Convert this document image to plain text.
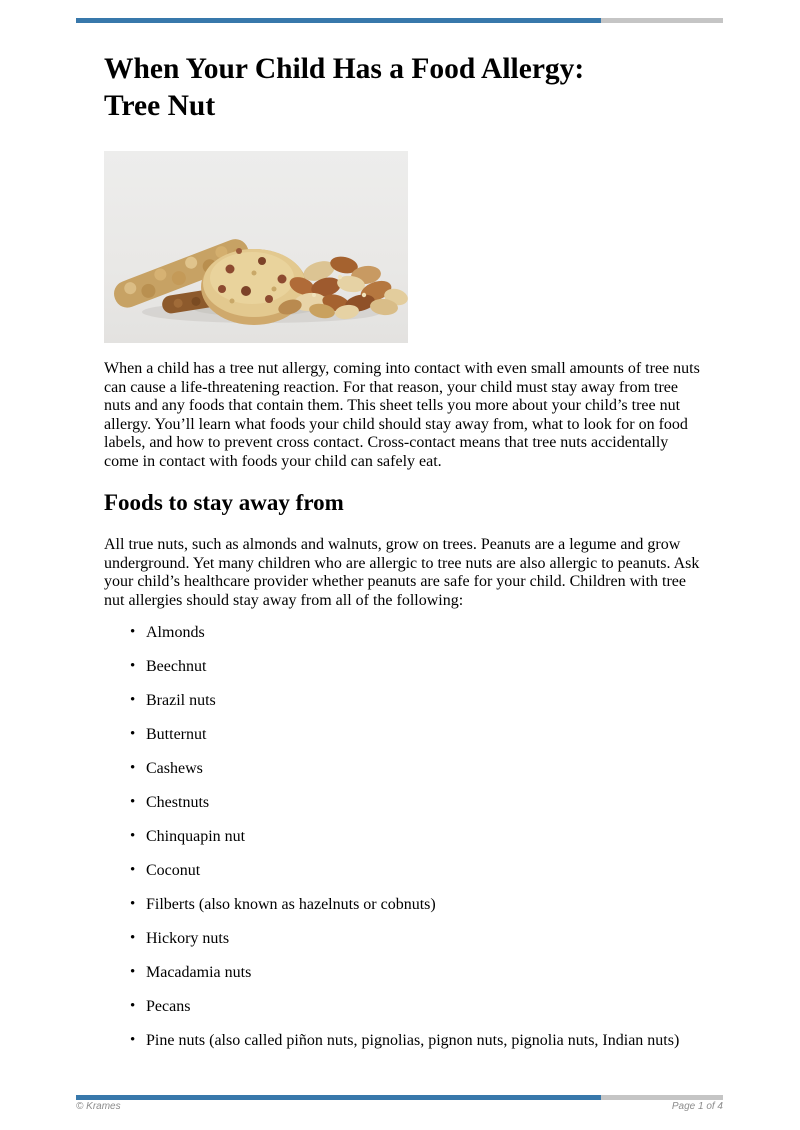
When Your Child Has a Food Allergy:
Tree Nut

When a child has a tree nut allergy, coming into contact with even small amounts of tree nuts can cause a life-threatening reaction. For that reason, your child must stay away from tree nuts and any foods that contain them. This sheet tells you more about your child’s tree nut allergy. You’ll learn what foods your child should stay away from, what to look for on food labels, and how to prevent cross contact. Cross-contact means that tree nuts accidentally come in contact with foods your child can safely eat.

Foods to stay away from

All true nuts, such as almonds and walnuts, grow on trees. Peanuts are a legume and grow underground. Yet many children who are allergic to tree nuts are also allergic to peanuts. Ask your child’s healthcare provider whether peanuts are safe for your child. Children with tree nut allergies should stay away from all of the following:

• Almonds
• Beechnut
• Brazil nuts
• Butternut
• Cashews
• Chestnuts
• Chinquapin nut
• Coconut
• Filberts (also known as hazelnuts or cobnuts)
• Hickory nuts
• Macadamia nuts
• Pecans
• Pine nuts (also called piñon nuts, pignolias, pignon nuts, pignolia nuts, Indian nuts)
© Krames	Page 1 of 4
